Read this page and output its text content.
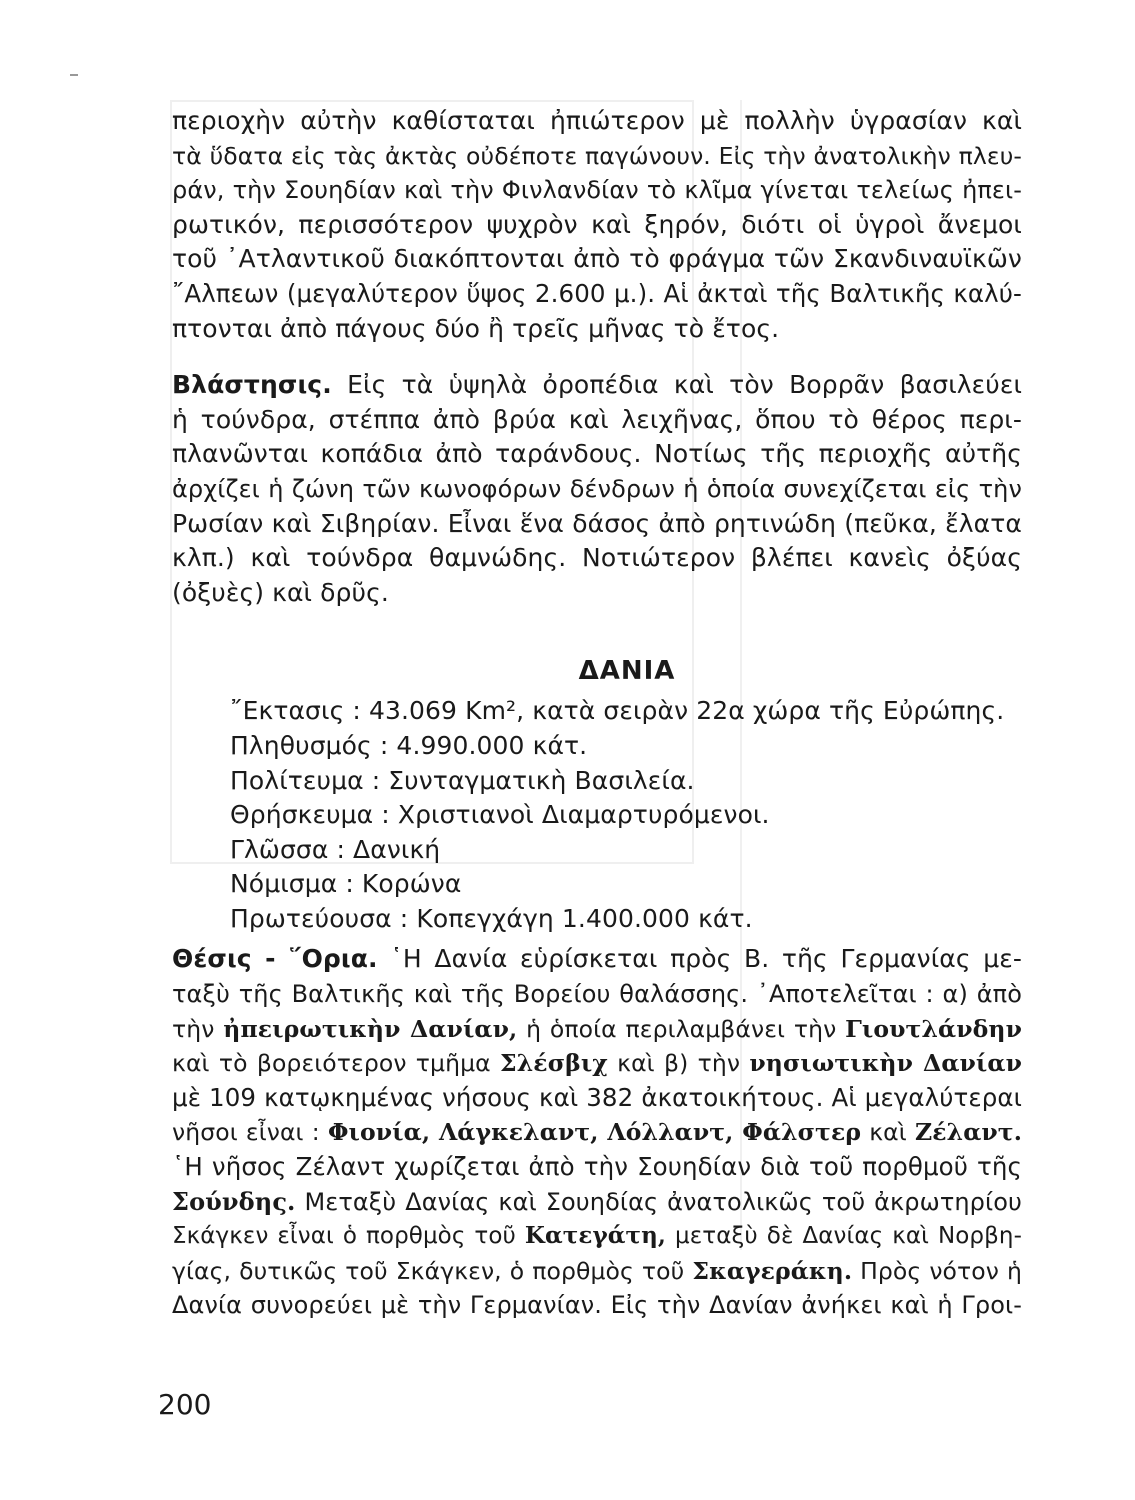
περιοχὴν αὐτὴν καθίσταται ἠπιώτερον μὲ πολλὴν ὑγρασίαν καὶ
τὰ ὕδατα εἰς τὰς ἀκτὰς οὐδέποτε παγώνουν. Εἰς τὴν ἀνατολικὴν πλευ-
ράν, τὴν Σουηδίαν καὶ τὴν Φινλανδίαν τὸ κλῖμα γίνεται τελείως ἠπει-
ρωτικόν, περισσότερον ψυχρὸν καὶ ξηρόν, διότι οἱ ὑγροὶ ἄνεμοι
τοῦ ᾿Ατλαντικοῦ διακόπτονται ἀπὸ τὸ φράγμα τῶν Σκανδιναυϊκῶν
῎Αλπεων (μεγαλύτερον ὕψος 2.600 μ.). Αἱ ἀκταὶ τῆς Βαλτικῆς καλύ-
πτονται ἀπὸ πάγους δύο ἢ τρεῖς μῆνας τὸ ἔτος.
Βλάστησις. Εἰς τὰ ὑψηλὰ ὀροπέδια καὶ τὸν Βορρᾶν βασιλεύει
ἡ τούνδρα, στέππα ἀπὸ βρύα καὶ λειχῆνας, ὅπου τὸ θέρος περι-
πλανῶνται κοπάδια ἀπὸ ταράνδους. Νοτίως τῆς περιοχῆς αὐτῆς
ἀρχίζει ἡ ζώνη τῶν κωνοφόρων δένδρων ἡ ὁποία συνεχίζεται εἰς τὴν
Ρωσίαν καὶ Σιβηρίαν. Εἶναι ἕνα δάσος ἀπὸ ρητινώδη (πεῦκα, ἔλατα
κλπ.) καὶ τούνδρα θαμνώδης. Νοτιώτερον βλέπει κανεὶς ὀξύας
(ὀξυὲς) καὶ δρῦς.
ΔΑΝΙΑ
῎Εκτασις : 43.069 Km², κατὰ σειρὰν 22α χώρα τῆς Εὐρώπης.
Πληθυσμός : 4.990.000 κάτ.
Πολίτευμα : Συνταγματικὴ Βασιλεία.
Θρήσκευμα : Χριστιανοὶ Διαμαρτυρόμενοι.
Γλῶσσα : Δανική
Νόμισμα : Κορώνα
Πρωτεύουσα : Κοπεγχάγη 1.400.000 κάτ.
Θέσις - ῞Ορια. ῾Η Δανία εὑρίσκεται πρὸς Β. τῆς Γερμανίας με-
ταξὺ τῆς Βαλτικῆς καὶ τῆς Βορείου θαλάσσης. ᾿Αποτελεῖται : α) ἀπὸ
τὴν ἠπειρωτικὴν Δανίαν, ἡ ὁποία περιλαμβάνει τὴν Γιουτλάνδην
καὶ τὸ βορειότερον τμῆμα Σλέσβιχ καὶ β) τὴν νησιωτικὴν Δανίαν
μὲ 109 κατῳκημένας νήσους καὶ 382 ἀκατοικήτους. Αἱ μεγαλύτεραι
νῆσοι εἶναι : Φιονία, Λάγκελαντ, Λόλλαντ, Φάλστερ καὶ Ζέλαντ.
῾Η νῆσος Ζέλαντ χωρίζεται ἀπὸ τὴν Σουηδίαν διὰ τοῦ πορθμοῦ τῆς
Σούνδης. Μεταξὺ Δανίας καὶ Σουηδίας ἀνατολικῶς τοῦ ἀκρωτηρίου
Σκάγκεν εἶναι ὁ πορθμὸς τοῦ Κατεγάτη, μεταξὺ δὲ Δανίας καὶ Νορβη-
γίας, δυτικῶς τοῦ Σκάγκεν, ὁ πορθμὸς τοῦ Σκαγεράκη. Πρὸς νότον ἡ
Δανία συνορεύει μὲ τὴν Γερμανίαν. Εἰς τὴν Δανίαν ἀνήκει καὶ ἡ Γροι-
200
